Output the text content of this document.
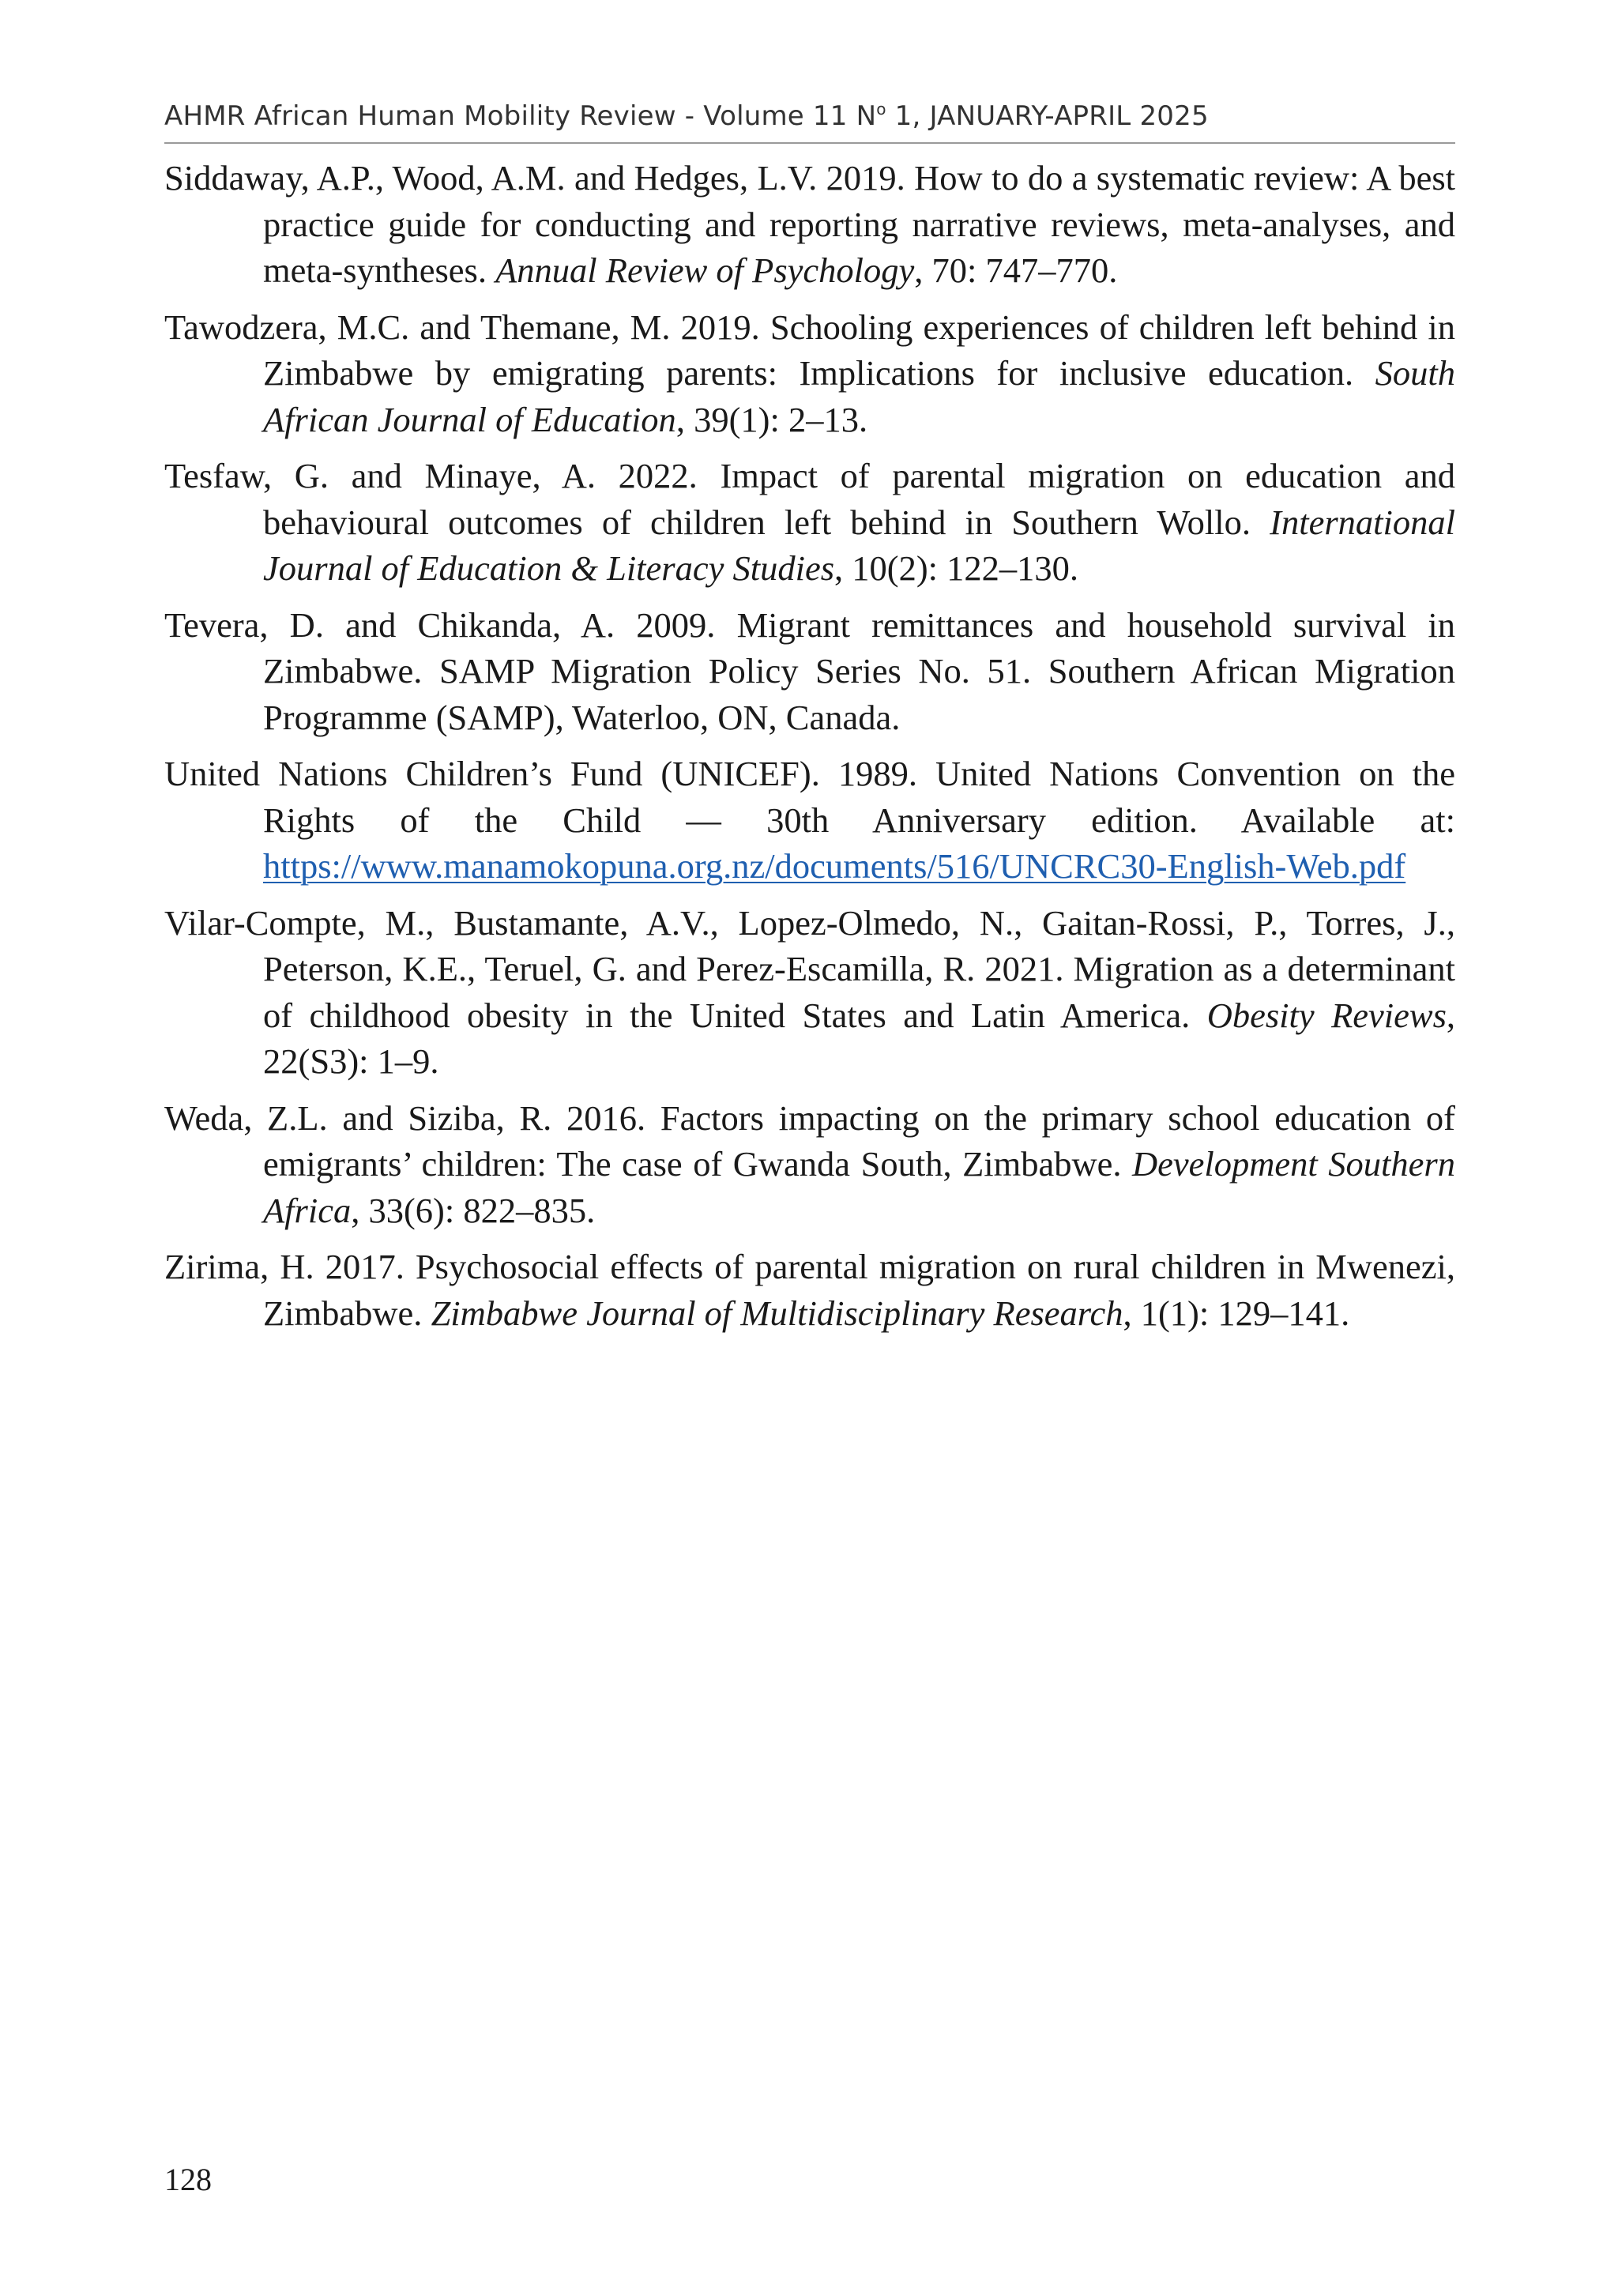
AHMR African Human Mobility Review - Volume 11 $N^o$ 1, JANUARY-APRIL 2025

Siddaway, A.P., Wood, A.M. and Hedges, L.V. 2019. How to do a systematic review: A best practice guide for conducting and reporting narrative reviews, meta-analyses, and meta-syntheses. Annual Review of Psychology, 70: 747–770.

Tawodzera, M.C. and Themane, M. 2019. Schooling experiences of children left behind in Zimbabwe by emigrating parents: Implications for inclusive education. South African Journal of Education, 39(1): 2–13.

Tesfaw, G. and Minaye, A. 2022. Impact of parental migration on education and behavioural outcomes of children left behind in Southern Wollo. International Journal of Education & Literacy Studies, 10(2): 122–130.

Tevera, D. and Chikanda, A. 2009. Migrant remittances and household survival in Zimbabwe. SAMP Migration Policy Series No. 51. Southern African Migration Programme (SAMP), Waterloo, ON, Canada.

United Nations Children’s Fund (UNICEF). 1989. United Nations Convention on the Rights of the Child — 30th Anniversary edition. Available at: https://www.manamokopuna.org.nz/documents/516/UNCRC30-English-Web.pdf

Vilar-Compte, M., Bustamante, A.V., Lopez-Olmedo, N., Gaitan-Rossi, P., Torres, J., Peterson, K.E., Teruel, G. and Perez-Escamilla, R. 2021. Migration as a determinant of childhood obesity in the United States and Latin America. Obesity Reviews, 22(S3): 1–9.

Weda, Z.L. and Siziba, R. 2016. Factors impacting on the primary school education of emigrants’ children: The case of Gwanda South, Zimbabwe. Development Southern Africa, 33(6): 822–835.

Zirima, H. 2017. Psychosocial effects of parental migration on rural children in Mwenezi, Zimbabwe. Zimbabwe Journal of Multidisciplinary Research, 1(1): 129–141.

128
